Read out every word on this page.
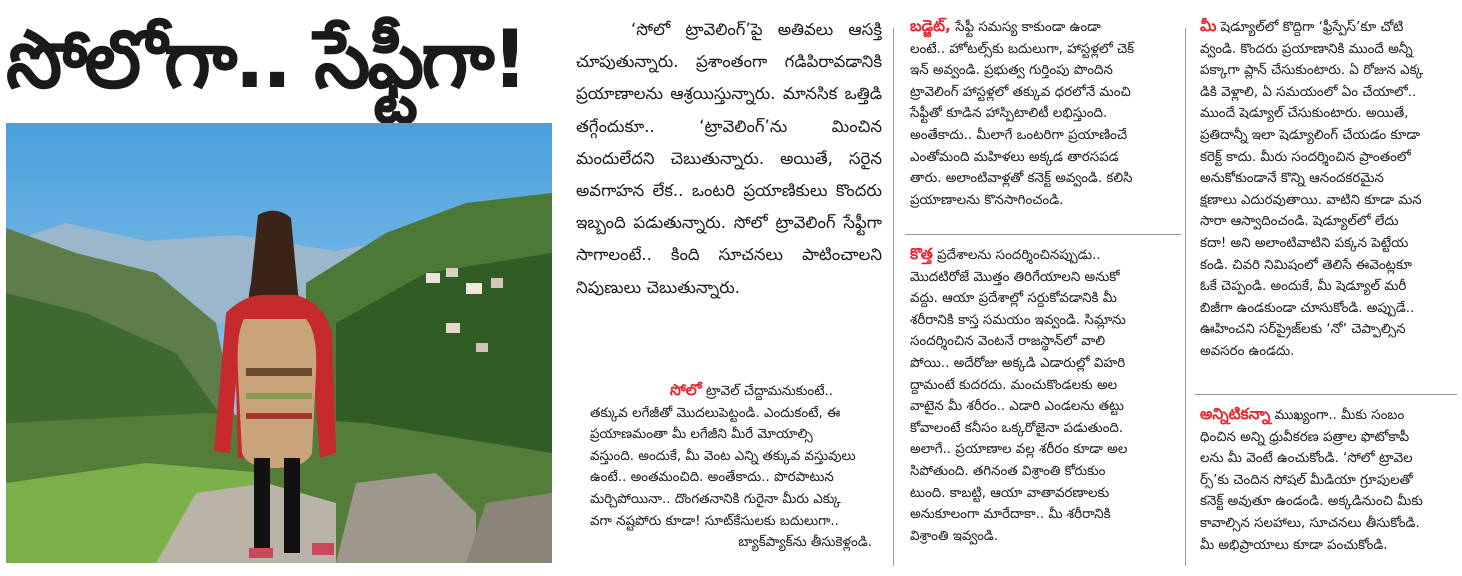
సోలోగా.. సేఫ్టీగా!	‘సోలో ట్రావెలింగ్’పై అతివలు ఆసక్తి చూపుతున్నారు. ప్రశాంతంగా గడిపిరావడానికి ప్రయాణాలను ఆశ్రయిస్తున్నారు. మానసిక ఒత్తిడి తగ్గేందుకూ.. ‘ట్రావెలింగ్’ను మించిన మందులేదని చెబుతున్నారు. అయితే, సరైన అవగాహన లేక.. ఒంటరి ప్రయాణికులు కొందరు ఇబ్బంది పడుతున్నారు. సోలో ట్రావెలింగ్ సేఫ్టీగా సాగాలంటే.. కింది సూచనలు పాటించాలని నిపుణులు చెబుతున్నారు.

సోలో ట్రావెల్ చేద్దామనుకుంటే..

తక్కువ లగేజీతో మొదలుపెట్టండి. ఎందుకంటే, ఈ
ప్రయాణమంతా మీ లగేజీని మీరే మోయాల్సి
వస్తుంది. అందుకే, మీ వెంట ఎన్ని తక్కువ వస్తువులు
ఉంటే.. అంతమంచిది. అంతేకాదు.. పొరపాటున
మర్చిపోయినా.. దొంగతనానికి గురైనా మీరు ఎక్కు
వగా నష్టపోరు కూడా! సూట్‌కేసులకు బదులుగా..
బ్యాక్‌ప్యాక్‌ను తీసుకెళ్లండి.

బడ్జెట్, సేఫ్టీ సమస్య కాకుండా ఉండా

లంటే.. హోటల్స్‌కు బదులుగా, హాస్టళ్లలో చెక్
ఇన్ అవ్వండి. ప్రభుత్వ గుర్తింపు పొందిన
ట్రావెలింగ్ హాస్టళ్లలో తక్కువ ధరలోనే మంచి
సేఫ్టీతో కూడిన హాస్పిటాలిటీ లభిస్తుంది.
అంతేకాదు.. మీలాగే ఒంటరిగా ప్రయాణించే
ఎంతోమంది మహిళలు అక్కడ తారసపడ
తారు. అలాంటివాళ్లతో కనెక్ట్ అవ్వండి. కలిసి
ప్రయాణాలను కొనసాగించండి.

కొత్త ప్రదేశాలను సందర్శించినప్పుడు..

మొదటిరోజే మొత్తం తిరిగేయాలని అనుకో
వద్దు. ఆయా ప్రదేశాల్లో సర్దుకోవడానికి మీ
శరీరానికి కాస్త సమయం ఇవ్వండి. సిమ్లాను
సందర్శించిన వెంటనే రాజస్థాన్‌లో వాలి
పోయి.. అదేరోజు అక్కడి ఎడారుల్లో విహరి
ద్దామంటే కుదరదు. మంచుకొండలకు అల
వాటైన మీ శరీరం.. ఎడారి ఎండలను తట్టు
కోవాలంటే కనీసం ఒక్కరోజైనా పడుతుంది.
అలాగే.. ప్రయాణాల వల్ల శరీరం కూడా అల
సిపోతుంది. తగినంత విశ్రాంతి కోరుకుం
టుంది. కాబట్టి, ఆయా వాతావరణాలకు
అనుకూలంగా మారేదాకా.. మీ శరీరానికి
విశ్రాంతి ఇవ్వండి.

మీ షెడ్యూల్‌లో కొద్దిగా ‘ఫ్రీస్పేస్’కూ చోటి

వ్వండి. కొందరు ప్రయాణానికి ముందే అన్నీ
పక్కాగా ప్లాన్ చేసుకుంటారు. ఏ రోజున ఎక్క
డికి వెళ్లాలి, ఏ సమయంలో ఏం చేయాలో..
ముందే షెడ్యూల్ చేసుకుంటారు. అయితే,
ప్రతిదాన్నీ ఇలా షెడ్యూలింగ్ చేయడం కూడా
కరెక్ట్ కాదు. మీరు సందర్శించిన ప్రాంతంలో
అనుకోకుండానే కొన్ని ఆనందకరమైన
క్షణాలు ఎదురవుతాయి. వాటిని కూడా మన
సారా ఆస్వాదించండి. షెడ్యూల్‌లో లేదు
కదా! అని అలాంటివాటిని పక్కన పెట్టేయ
కండి. చివరి నిమిషంలో తెలిసే ఈవెంట్లకూ
ఓకే చెప్పండి. అందుకే, మీ షెడ్యూల్ మరీ
బిజీగా ఉండకుండా చూసుకోండి. అప్పుడే..
ఊహించని సర్‌ప్రైజ్‌లకు ‘నో’ చెప్పాల్సిన
అవసరం ఉండదు.

అన్నిటికన్నా ముఖ్యంగా.. మీకు సంబం

ధించిన అన్ని ధ్రువీకరణ పత్రాల ఫొటోకాపీ
లను మీ వెంటే ఉంచుకోండి. ‘సోలో ట్రావెల
ర్స్’కు చెందిన సోషల్ మీడియా గ్రూపులతో
కనెక్ట్ అవుతూ ఉండండి. అక్కడినుంచి మీకు
కావాల్సిన సలహాలు, సూచనలు తీసుకోండి.
మీ అభిప్రాయాలు కూడా పంచుకోండి.
